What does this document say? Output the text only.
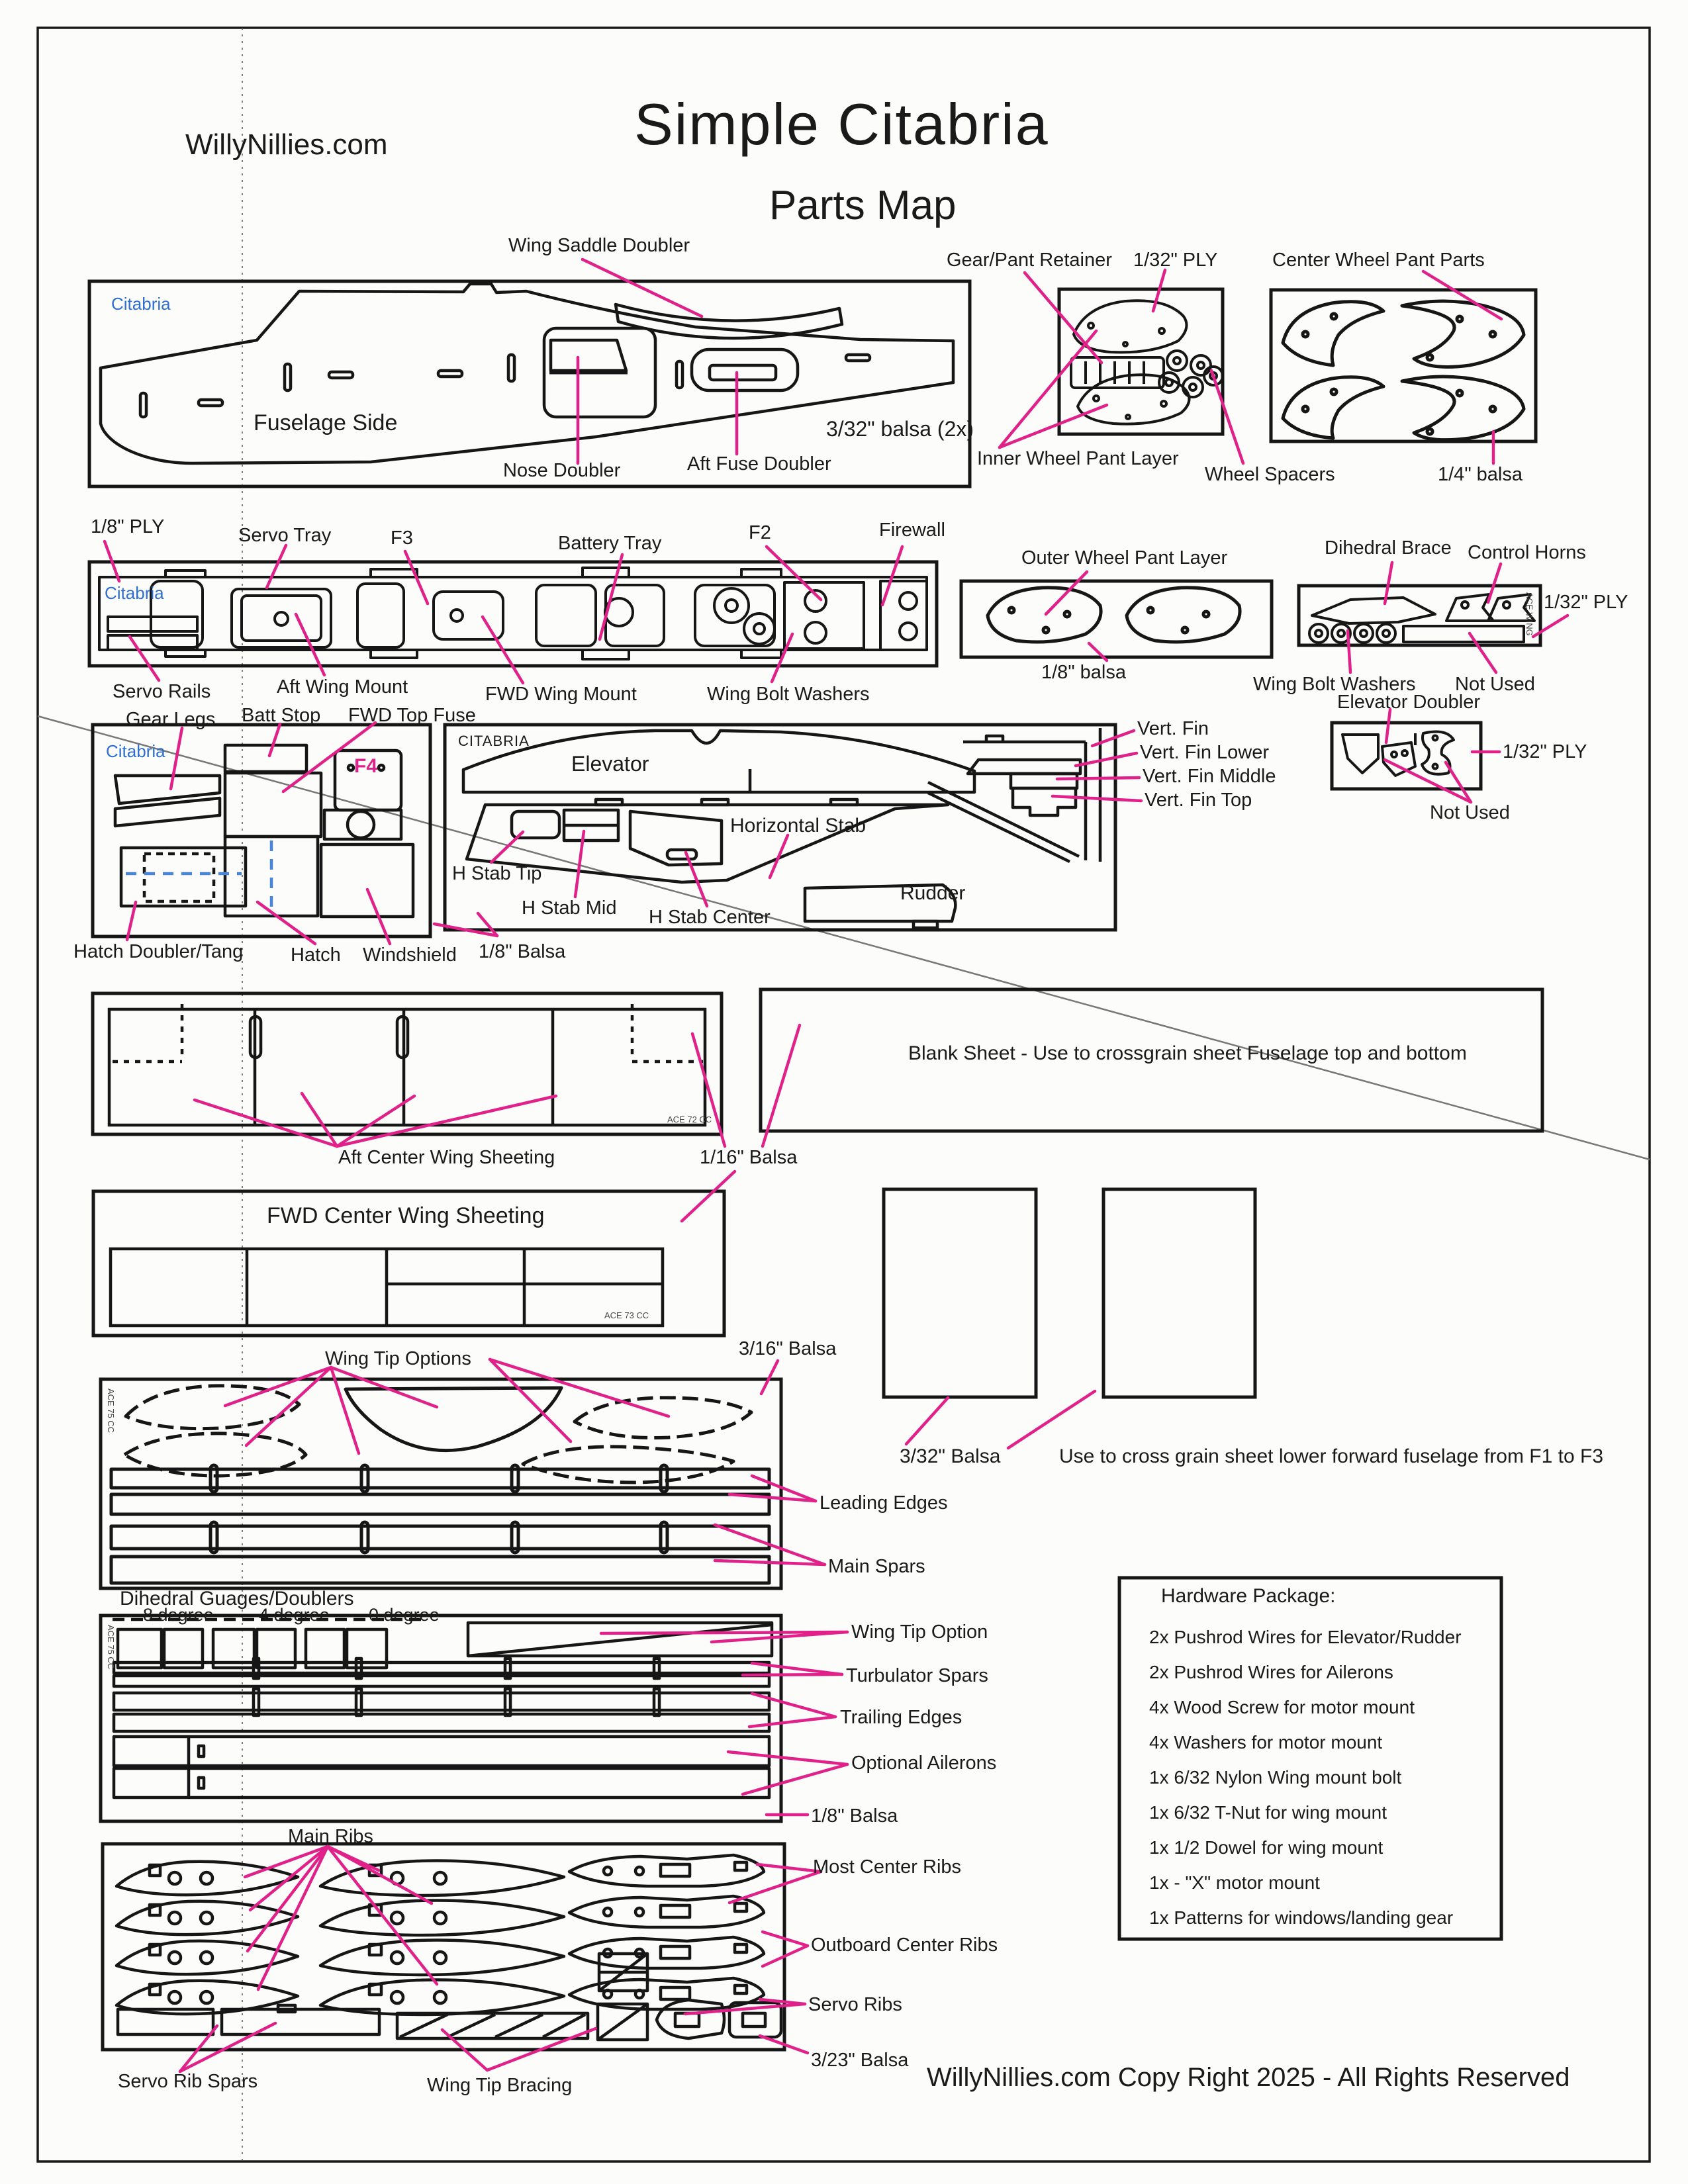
WillyNillies.com	Simple Citabria
Parts Map
Wing Saddle Doubler
Gear/Pant Retainer 1/32" PLY	Center Wheel Pant Parts
Citabria
Fuselage Side	3/32" balsa (2x)
Nose Doubler	Aft Fuse Doubler	Inner Wheel Pant Layer
Wheel Spacers	1/4" balsa
1/8" PLY	Servo Tray	F3	Battery Tray	F2	Firewall
Citabria
Servo Rails	Aft Wing Mount	FWD Wing Mount	Wing Bolt Washers
Outer Wheel Pant Layer
1/8" balsa
Dihedral Brace Control Horns
1/32" PLY
Wing Bolt Washers Not Used
Elevator Doubler
Gear Legs Batt Stop FWD Top Fuse
Citabria
F4
CITABRIA
Elevator
Horizontal Stab
H Stab Tip
H Stab Mid H Stab Center
Rudder
Hatch Doubler/Tang Hatch Windshield 1/8" Balsa
Vert. Fin
Vert. Fin Lower
Vert. Fin Middle
Vert. Fin Top
1/32" PLY
Not Used
Aft Center Wing Sheeting	1/16" Balsa
Blank Sheet - Use to crossgrain sheet Fuselage top and bottom
FWD Center Wing Sheeting
3/16" Balsa
Wing Tip Options
Leading Edges
Main Spars
3/32" Balsa	Use to cross grain sheet lower forward fuselage from F1 to F3
Dihedral Guages/Doublers
8 degree	4 degree 0 degree
Wing Tip Option
Turbulator Spars
Trailing Edges
Optional Ailerons
1/8" Balsa
Main Ribs
Most Center Ribs
Outboard Center Ribs
Servo Ribs
3/23" Balsa
Servo Rib Spars	Wing Tip Bracing
Hardware Package:
2x Pushrod Wires for Elevator/Rudder
2x Pushrod Wires for Ailerons
4x Wood Screw for motor mount
4x Washers for motor mount
1x 6/32 Nylon Wing mount bolt
1x 6/32 T-Nut for wing mount
1x 1/2 Dowel for wing mount
1x - "X" motor mount
1x Patterns for windows/landing gear
ACE 72 CC
ACE 73 CC
ACE 75 CC
ACE 75 CC
ACE WING
WillyNillies.com Copy Right 2025 - All Rights Reserved
